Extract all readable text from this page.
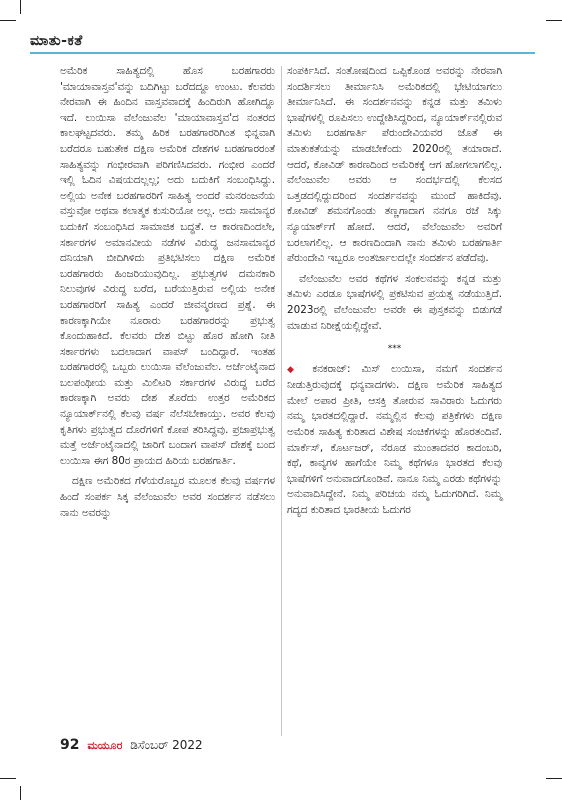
ಮಾತು-ಕತೆ

ಅಮೆರಿಕ ಸಾಹಿತ್ಯದಲ್ಲಿ ಹೊಸ ಬರಹಗಾರರು 'ಮಾಯಾವಾಸ್ತವ'ವನ್ನು ಬದಿಗಿಟ್ಟು ಬರೆದದ್ದೂ ಉಂಟು. ಕೆಲವರು ನೇರವಾಗಿ ಈ ಹಿಂದಿನ ವಾಸ್ತವವಾದಕ್ಕೆ ಹಿಂದಿರುಗಿ ಹೋಗಿದ್ದೂ ಇದೆ. ಲುಯಿಸಾ ವೆಲೆಂಜುವೆಲ 'ಮಾಯಾವಾಸ್ತವ'ದ ನಂತರದ ಕಾಲಘಟ್ಟದವರು. ತಮ್ಮ ಹಿರಿಕ ಬರಹಗಾರರಿಗಿಂತ ಭಿನ್ನವಾಗಿ ಬರೆದರೂ ಬಹುತೇಕ ದಕ್ಷಿಣ ಅಮೆರಿಕ ದೇಶಗಳ ಬರಹಗಾರರಂತೆ ಸಾಹಿತ್ಯವನ್ನು ಗಂಭೀರವಾಗಿ ಪರಿಗಣಿಸಿದವರು. ಗಂಭೀರ ಎಂದರೆ ಇಲ್ಲಿ ಓದಿನ ವಿಷಯದಲ್ಲಲ್ಲ; ಅದು ಬದುಕಿಗೆ ಸಂಬಂಧಿಸಿದ್ದು. ಅಲ್ಲಿಯ ಅನೇಕ ಬರಹಗಾರರಿಗೆ ಸಾಹಿತ್ಯ ಅಂದರೆ ಮನರಂಜನೆಯ ವಸ್ತುವೋ ಅಥವಾ ಕಲಾತ್ಮಕ ಕುಸುರಿಯೋ ಅಲ್ಲ. ಅದು ಸಾಮಾನ್ಯರ ಬದುಕಿಗೆ ಸಂಬಂಧಿಸಿದ ಸಾಮಾಜಿಕ ಬದ್ಧತೆ. ಆ ಕಾರಣದಿಂದಲೇ, ಸರ್ಕಾರಗಳ ಅಮಾನವೀಯ ನಡೆಗಳ ವಿರುದ್ಧ ಜನಸಾಮಾನ್ಯರ ದನಿಯಾಗಿ ಬೀದಿಗಿಳಿದು ಪ್ರತಿಭಟಿಸಲು ದಕ್ಷಿಣ ಅಮೆರಿಕ ಬರಹಗಾರರು ಹಿಂಜರಿಯುವುದಿಲ್ಲ. ಪ್ರಭುತ್ವಗಳ ದಮನಕಾರಿ ನಿಲುವುಗಳ ವಿರುದ್ಧ ಬರೆದ, ಬರೆಯುತ್ತಿರುವ ಅಲ್ಲಿಯ ಅನೇಕ ಬರಹಗಾರರಿಗೆ ಸಾಹಿತ್ಯ ಎಂದರೆ ಜೀವನ್ಮರಣದ ಪ್ರಶ್ನೆ. ಈ ಕಾರಣಕ್ಕಾಗಿಯೇ ನೂರಾರು ಬರಹಗಾರರನ್ನು ಪ್ರಭುತ್ವ ಕೊಂದುಹಾಕಿದೆ. ಕೆಲವರು ದೇಶ ಬಿಟ್ಟು ಹೊರ ಹೋಗಿ ನೀತಿ ಸರ್ಕಾರಗಳು ಬದಲಾದಾಗ ವಾಪಸ್ ಬಂದಿದ್ದಾರೆ. ಇಂತಹ ಬರಹಗಾರರಲ್ಲಿ ಒಬ್ಬರು ಲುಯಿಸಾ ವೆಲೆಂಜುವೆಲ. ಅರ್ಜೆಂಟೈನಾದ ಬಲಪಂಥೀಯ ಮತ್ತು ಮಿಲಿಟರಿ ಸರ್ಕಾರಗಳ ವಿರುದ್ಧ ಬರೆದ ಕಾರಣಕ್ಕಾಗಿ ಅವರು ದೇಶ ತೊರೆದು ಉತ್ತರ ಅಮೆರಿಕದ ನ್ಯೂಯಾರ್ಕ್‌ನಲ್ಲಿ ಕೆಲವು ವರ್ಷ ನೆಲೆಸಬೇಕಾಯ್ತು. ಅವರ ಕೆಲವು ಕೃತಿಗಳು ಪ್ರಭುತ್ವದ ದೊರೆಗಳಿಗೆ ಕೋಪ ತರಿಸಿದ್ದವು. ಪ್ರಜಾಪ್ರಭುತ್ವ ಮತ್ತೆ ಅರ್ಜೆಂಟೈನಾದಲ್ಲಿ ಜಾರಿಗೆ ಬಂದಾಗ ವಾಪಸ್ ದೇಶಕ್ಕೆ ಬಂದ ಲುಯಿಸಾ ಈಗ 80ರ ಪ್ರಾಯದ ಹಿರಿಯ ಬರಹಗಾರ್ತಿ.

ದಕ್ಷಿಣ ಅಮೆರಿಕದ ಗೆಳೆಯರೊಬ್ಬರ ಮೂಲಕ ಕೆಲವು ವರ್ಷಗಳ ಹಿಂದೆ ಸಂಪರ್ಕ ಸಿಕ್ಕ ವೆಲೆಂಜುವೆಲ ಅವರ ಸಂದರ್ಶನ ನಡೆಸಲು ನಾನು ಅವರನ್ನು

ಸಂಪರ್ಕಿಸಿದೆ. ಸಂತೋಷದಿಂದ ಒಪ್ಪಿಕೊಂಡ ಅವರನ್ನು ನೇರವಾಗಿ ಸಂದರ್ಶಿಸಲು ತೀರ್ಮಾನಿಸಿ ಅಮೆರಿಕದಲ್ಲಿ ಭೇಟಿಯಾಗಲು ತೀರ್ಮಾನಿಸಿದೆ. ಈ ಸಂದರ್ಶನವನ್ನು ಕನ್ನಡ ಮತ್ತು ತಮಿಳು ಭಾಷೆಗಳಲ್ಲಿ ರೂಪಿಸಲು ಉದ್ದೇಶಿಸಿದ್ದರಿಂದ, ನ್ಯೂಯಾರ್ಕ್‌ನಲ್ಲಿರುವ ತಮಿಳು ಬರಹಗಾರ್ತಿ ಪೆರುಂದೇವಿಯವರ ಜೊತೆ ಈ ಮಾತುಕತೆಯನ್ನು ಮಾಡಬೇಕೆಂದು 2020ರಲ್ಲಿ ತಯಾರಾದೆ. ಆದರೆ, ಕೋವಿಡ್ ಕಾರಣದಿಂದ ಅಮೆರಿಕಕ್ಕೆ ಆಗ ಹೋಗಲಾಗಲಿಲ್ಲ. ವೆಲೆಂಜುವೆಲ ಅವರು ಆ ಸಂದರ್ಭದಲ್ಲಿ ಕೆಲಸದ ಒತ್ತಡದಲ್ಲಿದ್ದುದರಿಂದ ಸಂದರ್ಶನವನ್ನು ಮುಂದೆ ಹಾಕಿದೆವು. ಕೋವಿಡ್ ಶಮನಗೊಂಡು ತಣ್ಣಗಾದಾಗ ನನಗೂ ರಜೆ ಸಿಕ್ಕು ನ್ಯೂಯಾರ್ಕ್‌ಗೆ ಹೋದೆ. ಆದರೆ, ವೆಲೆಂಜುವೆಲ ಅವರಿಗೆ ಬರಲಾಗಲಿಲ್ಲ. ಆ ಕಾರಣದಿಂದಾಗಿ ನಾನು ತಮಿಳು ಬರಹಗಾರ್ತಿ ಪೆರುಂದೇವಿ ಇಬ್ಬರೂ ಅಂತರ್ಜಾಲದಲ್ಲೇ ಸಂದರ್ಶನ ಪಡೆದೆವು.

ವೆಲೆಂಜುವೆಲ ಅವರ ಕಥೆಗಳ ಸಂಕಲನವನ್ನು ಕನ್ನಡ ಮತ್ತು ತಮಿಳು ಎರಡೂ ಭಾಷೆಗಳಲ್ಲಿ ಪ್ರಕಟಿಸುವ ಪ್ರಯತ್ನ ನಡೆಯುತ್ತಿದೆ. 2023ರಲ್ಲಿ ವೆಲೆಂಜುವೆಲ ಅವರೇ ಈ ಪುಸ್ತಕವನ್ನು ಬಿಡುಗಡೆ ಮಾಡುವ ನಿರೀಕ್ಷೆಯಲ್ಲಿದ್ದೇವೆ.

***

◆ ಕನಕರಾಜ್: ಮಿಸ್ ಲುಯಿಸಾ, ನಮಗೆ ಸಂದರ್ಶನ ನೀಡುತ್ತಿರುವುದಕ್ಕೆ ಧನ್ಯವಾದಗಳು. ದಕ್ಷಿಣ ಅಮೆರಿಕ ಸಾಹಿತ್ಯದ ಮೇಲೆ ಅಪಾರ ಪ್ರೀತಿ, ಆಸಕ್ತಿ ತೋರುವ ಸಾವಿರಾರು ಓದುಗರು ನಮ್ಮ ಭಾರತದಲ್ಲಿದ್ದಾರೆ. ನಮ್ಮಲ್ಲಿನ ಕೆಲವು ಪತ್ರಿಕೆಗಳು ದಕ್ಷಿಣ ಅಮೆರಿಕ ಸಾಹಿತ್ಯ ಕುರಿತಾದ ವಿಶೇಷ ಸಂಚಿಕೆಗಳನ್ನು ಹೊರತಂದಿವೆ. ಮಾರ್ಕೆಸ್, ಕೊರ್ಟಜರ್, ನೆರೂಡ ಮುಂತಾದವರ ಕಾದಂಬರಿ, ಕಥೆ, ಕಾವ್ಯಗಳ ಹಾಗೆಯೇ ನಿಮ್ಮ ಕಥೆಗಳೂ ಭಾರತದ ಕೆಲವು ಭಾಷೆಗಳಿಗೆ ಅನುವಾದಗೊಂಡಿವೆ. ನಾನೂ ನಿಮ್ಮ ಎರಡು ಕಥೆಗಳನ್ನು ಅನುವಾದಿಸಿದ್ದೇನೆ. ನಿಮ್ಮ ಪರಿಚಯ ನಮ್ಮ ಓದುಗರಿಗಿದೆ. ನಿಮ್ಮ ಗದ್ಯದ ಕುರಿತಾದ ಭಾರತೀಯ ಓದುಗರ

92 ಮಯೂರ ಡಿಸೆಂಬರ್ 2022
